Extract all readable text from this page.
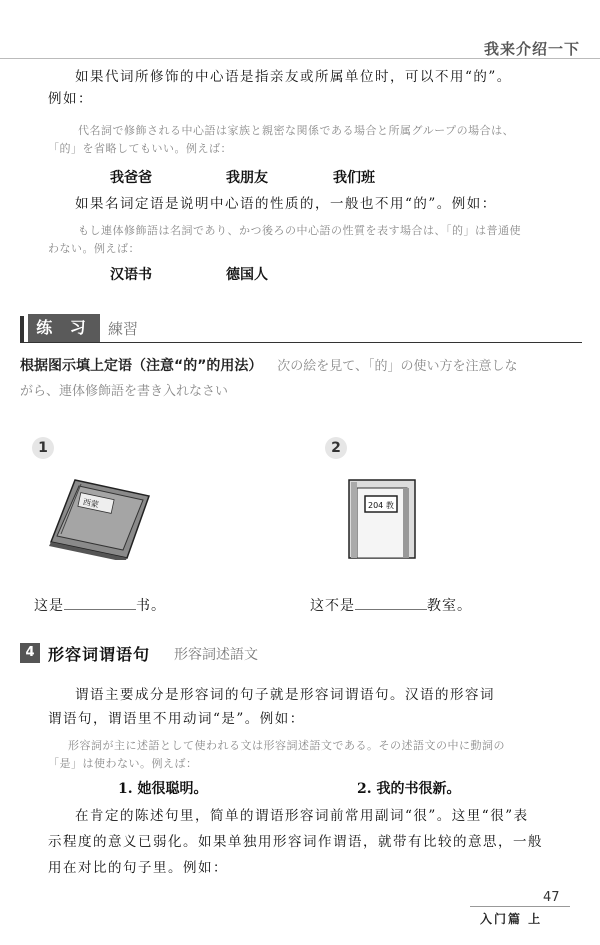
我来介绍一下
如果代词所修饰的中心语是指亲友或所属单位时，可以不用“的”。
例如：
代名詞で修飾される中心語は家族と親密な関係である場合と所属グループの場合は、
「的」を省略してもいい。例えば：
我爸爸	我朋友	我们班
如果名词定语是说明中心语的性质的，一般也不用“的”。例如：
もし連体修飾語は名詞であり、かつ後ろの中心語の性質を表す場合は、「的」は普通使
わない。例えば：
汉语书	德国人
练 习	練習
根据图示填上定语（注意“的”的用法） 次の絵を見て、「的」の使い方を注意しな
がら、連体修飾語を書き入れなさい
1
西蒙
这是	书。
2
204 教
这不是	教室。
4 形容词谓语句 形容詞述語文
谓语主要成分是形容词的句子就是形容词谓语句。汉语的形容词
谓语句，谓语里不用动词“是”。例如：
形容詞が主に述語として使われる文は形容詞述語文である。その述語文の中に動詞の
「是」は使わない。例えば：
1. 她很聪明。	2. 我的书很新。
在肯定的陈述句里，简单的谓语形容词前常用副词“很”。这里“很”表
示程度的意义已弱化。如果单独用形容词作谓语，就带有比较的意思，一般
用在对比的句子里。例如：
47
入门篇 上
